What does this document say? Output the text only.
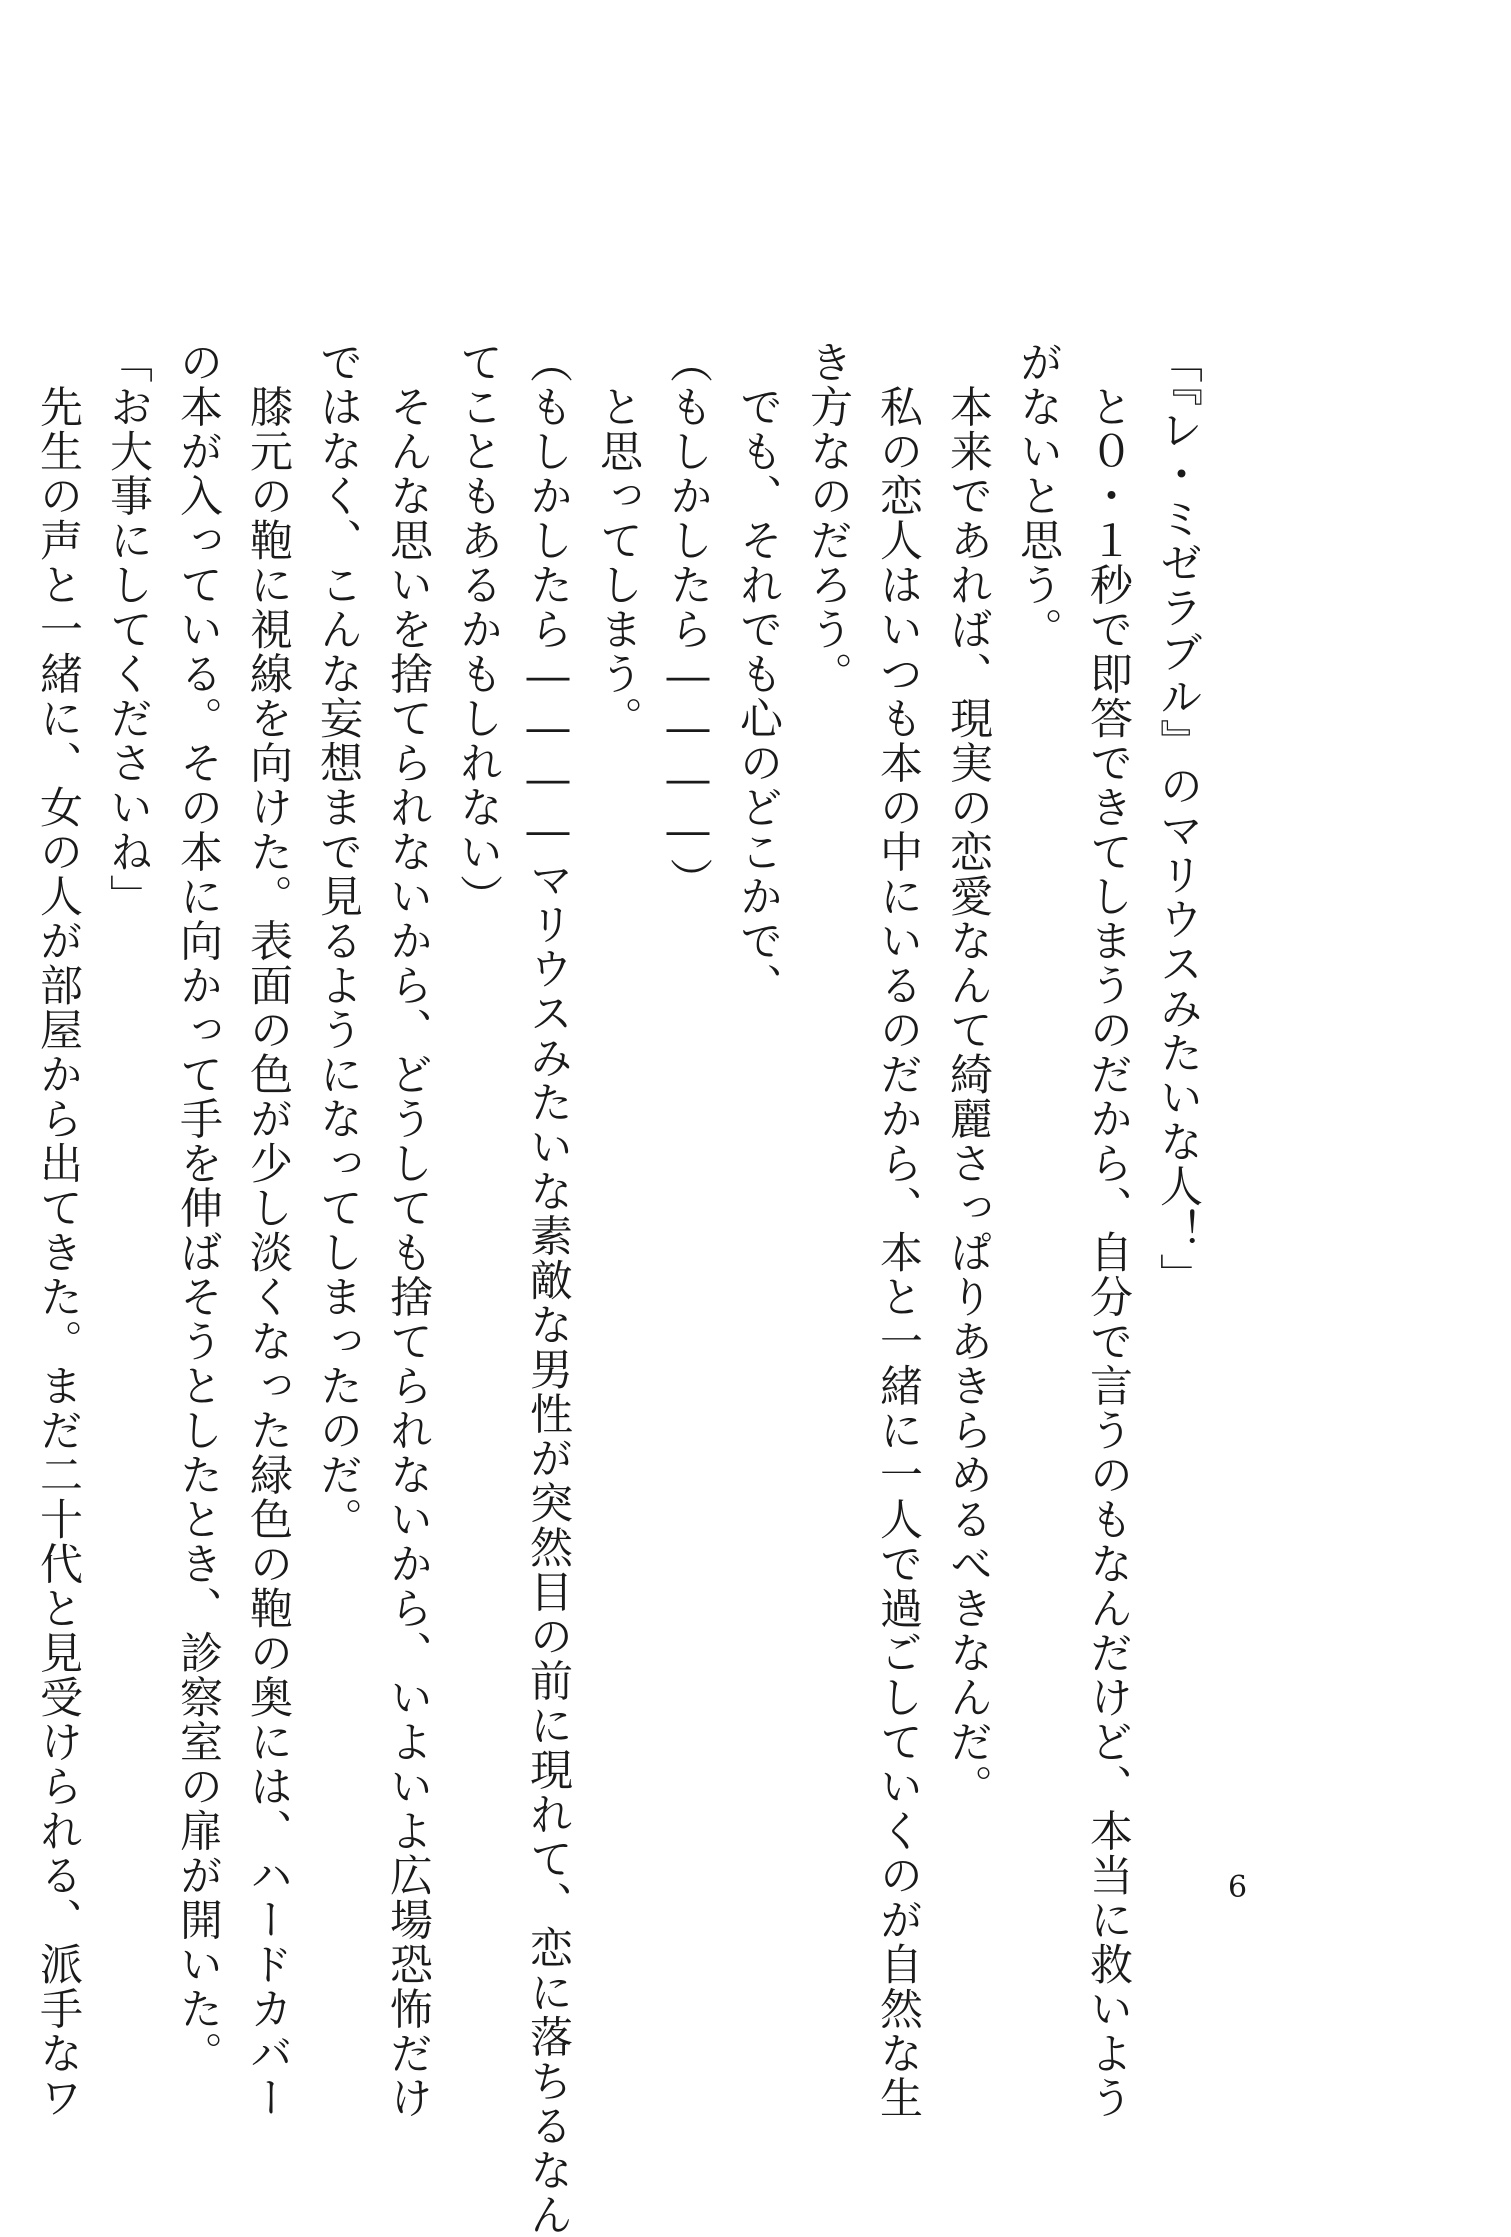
「『レ・ミゼラブル』のマリウスみたいな人！」
　と０・１秒で即答できてしまうのだから、自分で言うのもなんだけど、本当に救いよう
がないと思う。
　本来であれば、現実の恋愛なんて綺麗さっぱりあきらめるべきなんだ。
　私の恋人はいつも本の中にいるのだから、本と一緒に一人で過ごしていくのが自然な生
き方なのだろう。
　でも、それでも心のどこかで、
（もしかしたら――――）
　と思ってしまう。
（もしかしたら――――マリウスみたいな素敵な男性が突然目の前に現れて、恋に落ちるなん
てこともあるかもしれない）
　そんな思いを捨てられないから、どうしても捨てられないから、いよいよ広場恐怖だけ
ではなく、こんな妄想まで見るようになってしまったのだ。
　膝元の鞄に視線を向けた。表面の色が少し淡くなった緑色の鞄の奥には、ハードカバー
の本が入っている。その本に向かって手を伸ばそうとしたとき、診察室の扉が開いた。
「お大事にしてくださいね」
　先生の声と一緒に、女の人が部屋から出てきた。まだ二十代と見受けられる、派手なワ	6
